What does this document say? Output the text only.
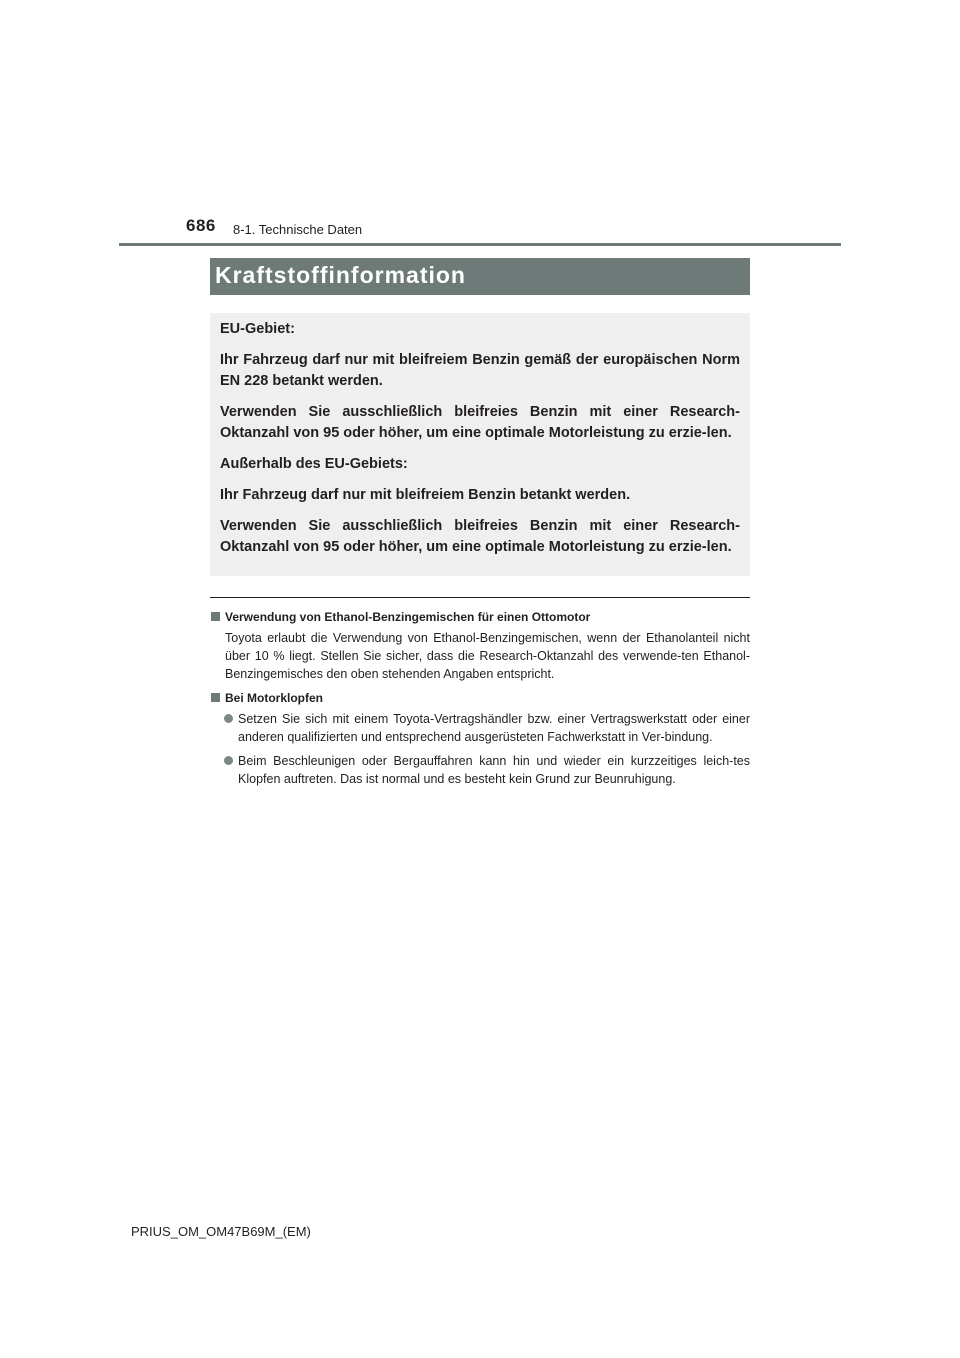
686 8-1. Technische Daten
Kraftstoffinformation

EU-Gebiet:

Ihr Fahrzeug darf nur mit bleifreiem Benzin gemäß der europäischen Norm EN 228 betankt werden.

Verwenden Sie ausschließlich bleifreies Benzin mit einer Research-Oktanzahl von 95 oder höher, um eine optimale Motorleistung zu erzie-len.

Außerhalb des EU-Gebiets:

Ihr Fahrzeug darf nur mit bleifreiem Benzin betankt werden.

Verwenden Sie ausschließlich bleifreies Benzin mit einer Research-Oktanzahl von 95 oder höher, um eine optimale Motorleistung zu erzie-len.

Verwendung von Ethanol-Benzingemischen für einen Ottomotor
Toyota erlaubt die Verwendung von Ethanol-Benzingemischen, wenn der Ethanolanteil nicht über 10 % liegt. Stellen Sie sicher, dass die Research-Oktanzahl des verwende-ten Ethanol-Benzingemisches den oben stehenden Angaben entspricht.
Bei Motorklopfen
Setzen Sie sich mit einem Toyota-Vertragshändler bzw. einer Vertragswerkstatt oder einer anderen qualifizierten und entsprechend ausgerüsteten Fachwerkstatt in Ver-bindung.
Beim Beschleunigen oder Bergauffahren kann hin und wieder ein kurzzeitiges leich-tes Klopfen auftreten. Das ist normal und es besteht kein Grund zur Beunruhigung.
PRIUS_OM_OM47B69M_(EM)
